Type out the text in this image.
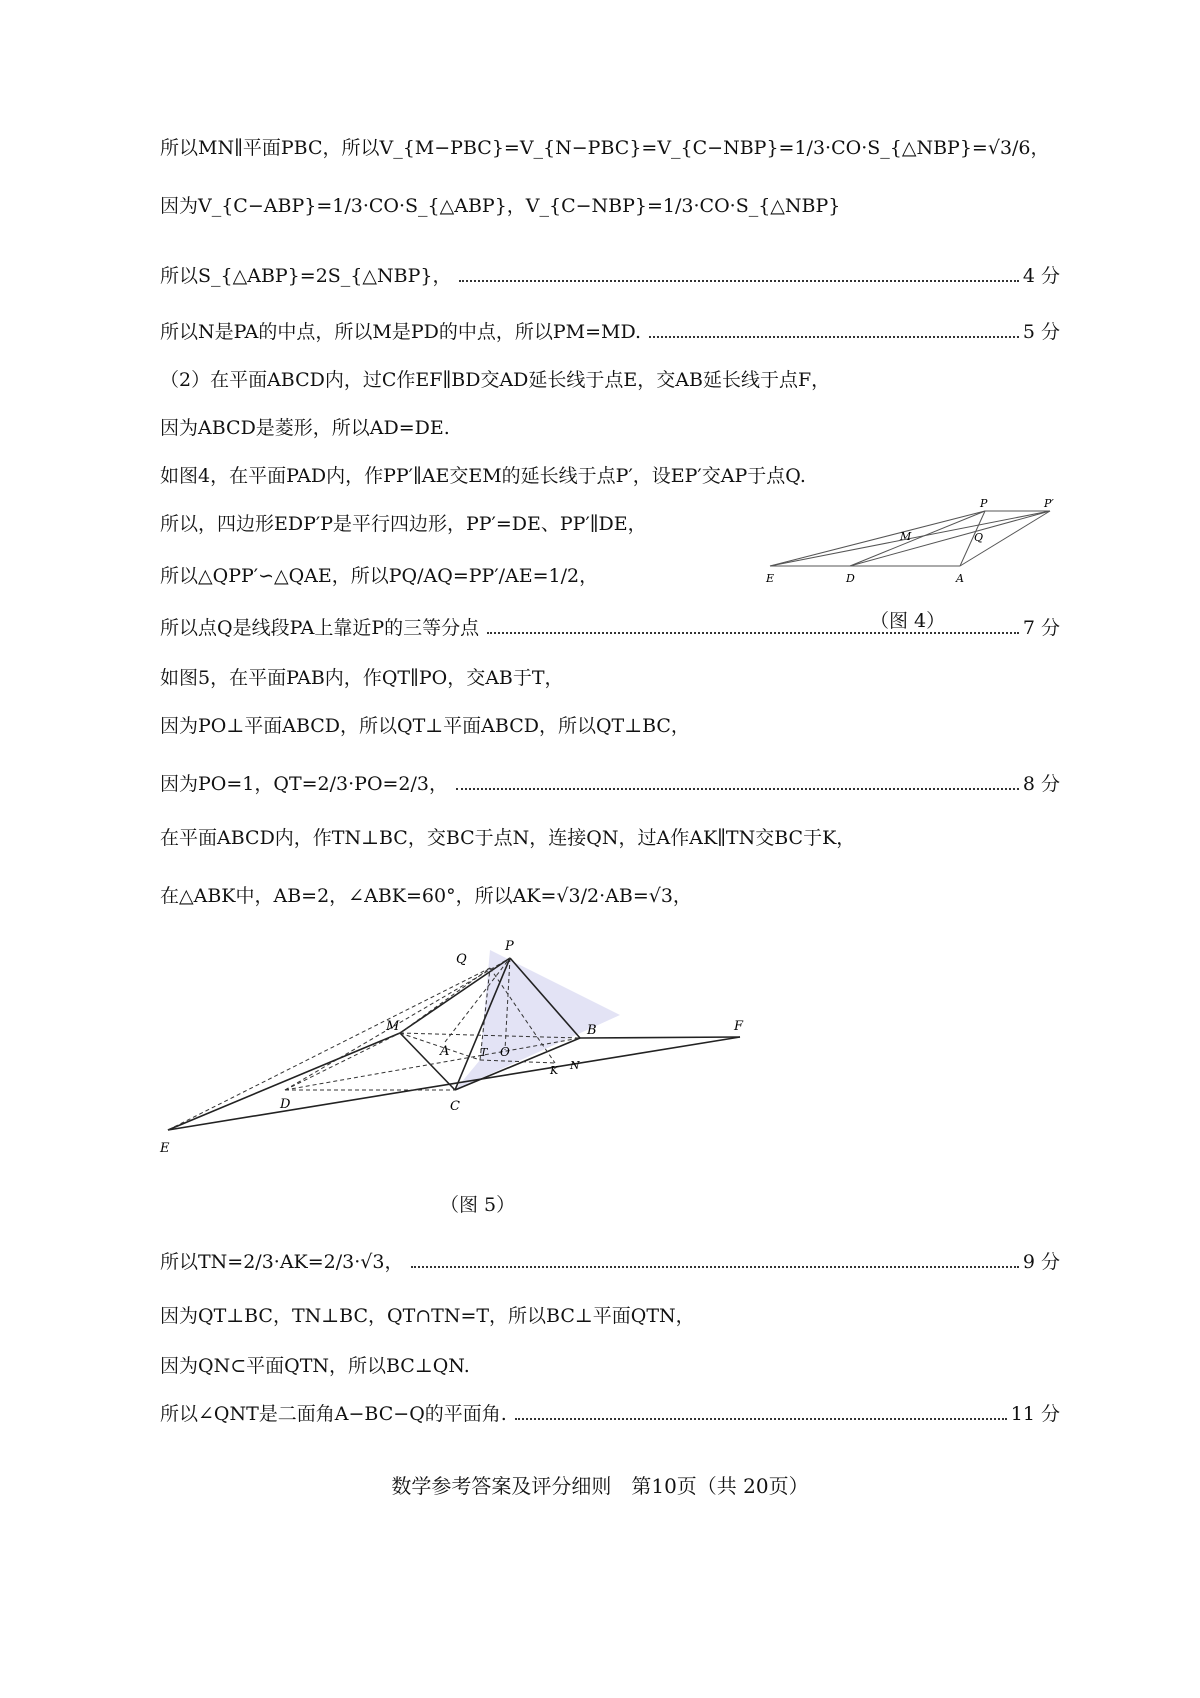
所以MN∥平面PBC，所以V_{M−PBC}=V_{N−PBC}=V_{C−NBP}=1/3·CO·S_{△NBP}=√3/6，
因为V_{C−ABP}=1/3·CO·S_{△ABP}，V_{C−NBP}=1/3·CO·S_{△NBP}
所以S_{△ABP}=2S_{△NBP}，	4 分
所以N是PA的中点，所以M是PD的中点，所以PM=MD.	5 分
（2）在平面ABCD内，过C作EF∥BD交AD延长线于点E，交AB延长线于点F，
因为ABCD是菱形，所以AD=DE.
如图4，在平面PAD内，作PP′∥AE交EM的延长线于点P′，设EP′交AP于点Q.
所以，四边形EDP′P是平行四边形，PP′=DE、PP′∥DE，
所以△QPP′∽△QAE，所以PQ/AQ=PP′/AE=1/2，
所以点Q是线段PA上靠近P的三等分点	7 分
如图5，在平面PAB内，作QT∥PO，交AB于T，
因为PO⊥平面ABCD，所以QT⊥平面ABCD，所以QT⊥BC，
因为PO=1，QT=2/3·PO=2/3，	8 分
在平面ABCD内，作TN⊥BC，交BC于点N，连接QN，过A作AK∥TN交BC于K，
在△ABK中，AB=2，∠ABK=60°，所以AK=√3/2·AB=√3，
P	P′
M	Q
E	D	A
（图 4）
Q
P
M	B	F
A	T O
K N
D	C
E
（图 5）
所以TN=2/3·AK=2/3·√3，	9 分
因为QT⊥BC，TN⊥BC，QT∩TN=T，所以BC⊥平面QTN，
因为QN⊂平面QTN，所以BC⊥QN.
所以∠QNT是二面角A−BC−Q的平面角.	11 分
数学参考答案及评分细则　第10页（共 20页）
